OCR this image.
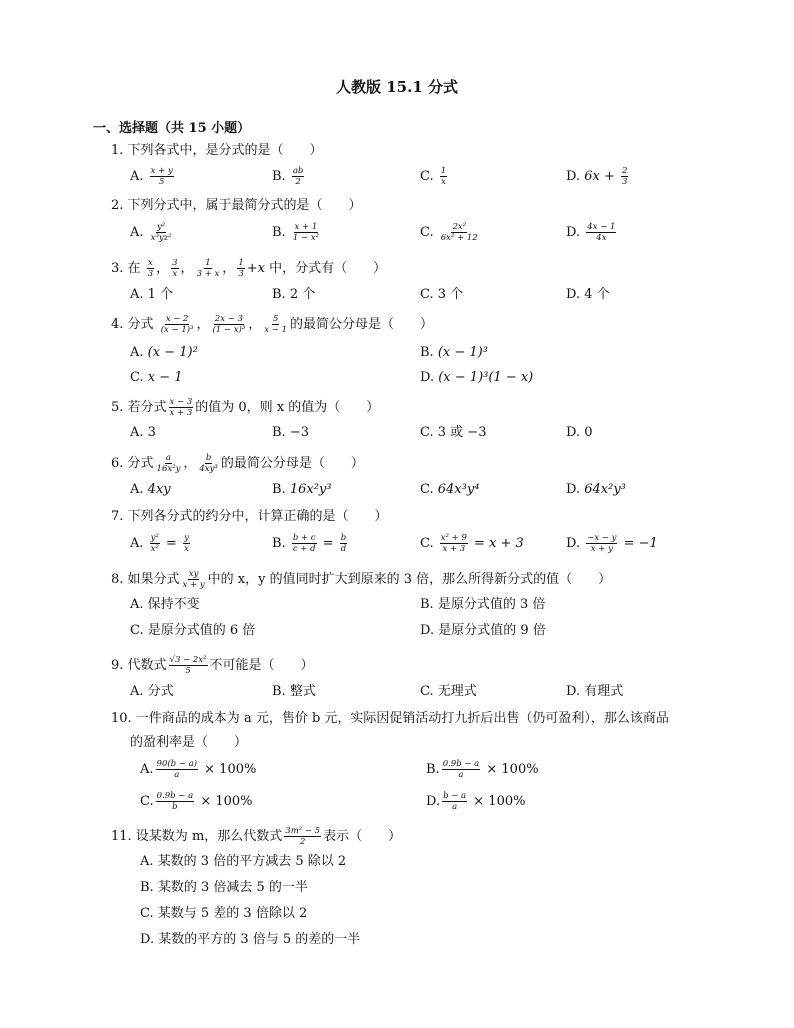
人教版 15.1 分式
一、选择题（共 15 小题）
1. 下列各式中，是分式的是（　　）
A. $\frac{x + y}{5}$	B. $\frac{ab}{2}$	C. $\frac{1}{x}$	D. $6x + \frac{2}{3}$
2. 下列分式中，属于最简分式的是（　　）
A. $\frac{\text{y²}}{\text{x³yz²}}$	B. $\frac{x + 1}{\text{1 − x²}}$	C. $\frac{\text{2x²}}{\text{6x² + 12}}$	D. $\frac{4x - 1}{4x}$
3. 在 $\frac{x}{3}$ ， $\frac{3}{x}$ ， $\frac{1}{3 + x}$ ， $\frac{1}{3} +x$ 中，分式有（　　）
A. 1 个	B. 2 个	C. 3 个	D. 4 个
4. 分式 $\frac{x - 2}{\text{(x − 1)³}}$ ， $\frac{2x - 3}{\text{(1 − x)³}}$ ， $\frac{5}{x - 1}$ 的最简公分母是（　　）
A. (x − 1)²	B. (x − 1)³
C. x − 1	D. (x − 1)³(1 − x)
5. 若分式 $\frac{x - 3}{x + 3}$ 的值为 0，则 x 的值为（　　）
A. 3	B. −3	C. 3 或 −3	D. 0
6. 分式 $\frac{a}{\text{16x²y}}$ ， $\frac{b}{\text{4xy³}}$ 的最简公分母是（　　）
A. 4xy	B. 16x²y³	C. 64x³y⁴	D. 64x²y³
7. 下列各分式的约分中，计算正确的是（　　）
A. $\frac{\text{y²}}{\text{x²}} = \frac{y}{x}$	B. $\frac{b + c}{c + d} = \frac{b}{d}$	C. $\frac{\text{x² + 9}}{x + 3} = x + 3$	D. $\frac{-x - y}{x + y} = -1$
8. 如果分式 $\frac{xy}{x + y}$ 中的 x，y 的值同时扩大到原来的 3 倍，那么所得新分式的值（　　）
A. 保持不变	B. 是原分式值的 3 倍
C. 是原分式值的 6 倍	D. 是原分式值的 9 倍
9. 代数式 $\frac{\text{√3 − 2x²}}{5}$ 不可能是（　　）
A. 分式	B. 整式	C. 无理式	D. 有理式
10. 一件商品的成本为 a 元，售价 b 元，实际因促销活动打九折后出售（仍可盈利），那么该商品
的盈利率是（　　）
A. $\frac{90(b - a)}{a} \times 100\%$	B. $\frac{0.9b - a}{a} \times 100\%$
C. $\frac{0.9b - a}{b} \times 100\%$	D. $\frac{b - a}{a} \times 100\%$
11. 设某数为 m，那么代数式 $\frac{\text{3m² − 5}}{2}$ 表示（　　）
A. 某数的 3 倍的平方减去 5 除以 2
B. 某数的 3 倍减去 5 的一半
C. 某数与 5 差的 3 倍除以 2
D. 某数的平方的 3 倍与 5 的差的一半
